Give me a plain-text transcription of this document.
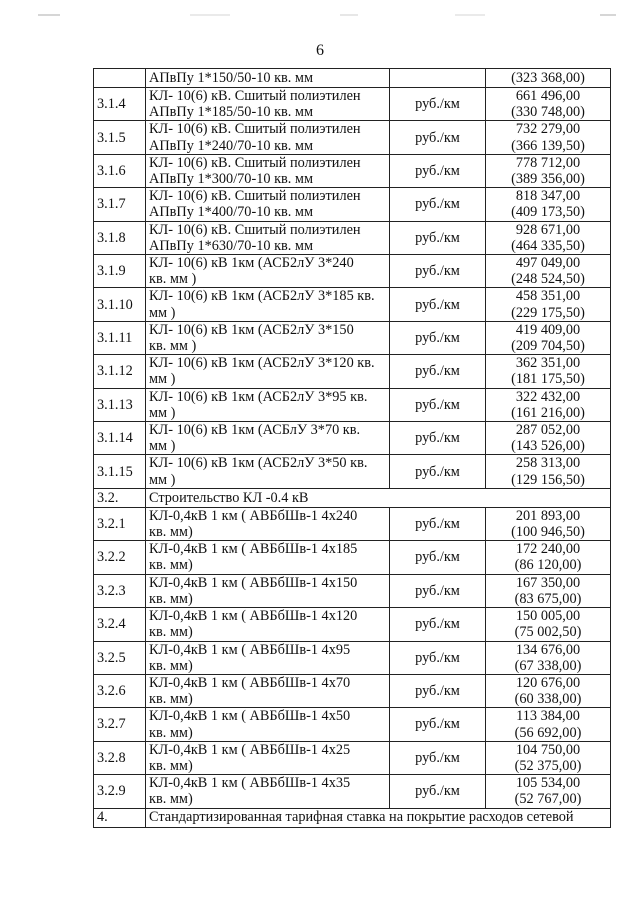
6
	АПвПу 1*150/50-10 кв. мм		(323 368,00)
3.1.4	КЛ- 10(6) кВ. Сшитый полиэтилен
АПвПу 1*185/50-10 кв. мм	руб./км	661 496,00
(330 748,00)

3.1.5	КЛ- 10(6) кВ. Сшитый полиэтилен
АПвПу 1*240/70-10 кв. мм	руб./км	732 279,00
(366 139,50)

3.1.6	КЛ- 10(6) кВ. Сшитый полиэтилен
АПвПу 1*300/70-10 кв. мм	руб./км	778 712,00
(389 356,00)

3.1.7	КЛ- 10(6) кВ. Сшитый полиэтилен
АПвПу 1*400/70-10 кв. мм	руб./км	818 347,00
(409 173,50)

3.1.8	КЛ- 10(6) кВ. Сшитый полиэтилен
АПвПу 1*630/70-10 кв. мм	руб./км	928 671,00
(464 335,50)

3.1.9	КЛ- 10(6) кВ 1км (АСБ2лУ 3*240
кв. мм )	руб./км	497 049,00
(248 524,50)

3.1.10	КЛ- 10(6) кВ 1км (АСБ2лУ 3*185 кв.
мм )	руб./км	458 351,00
(229 175,50)

3.1.11	КЛ- 10(6) кВ 1км (АСБ2лУ 3*150
кв. мм )	руб./км	419 409,00
(209 704,50)

3.1.12	КЛ- 10(6) кВ 1км (АСБ2лУ 3*120 кв.
мм )	руб./км	362 351,00
(181 175,50)

3.1.13	КЛ- 10(6) кВ 1км (АСБ2лУ 3*95 кв.
мм )	руб./км	322 432,00
(161 216,00)

3.1.14	КЛ- 10(6) кВ 1км (АСБлУ 3*70 кв.
мм )	руб./км	287 052,00
(143 526,00)

3.1.15	КЛ- 10(6) кВ 1км (АСБ2лУ 3*50 кв.
мм )	руб./км	258 313,00
(129 156,50)

3.2.	Строительство КЛ -0.4 кВ		
3.2.1	КЛ-0,4кВ 1 км ( АВБбШв-1 4х240
кв. мм)	руб./км	201 893,00
(100 946,50)

3.2.2	КЛ-0,4кВ 1 км ( АВБбШв-1 4х185
кв. мм)	руб./км	172 240,00
(86 120,00)

3.2.3	КЛ-0,4кВ 1 км ( АВБбШв-1 4х150
кв. мм)	руб./км	167 350,00
(83 675,00)

3.2.4	КЛ-0,4кВ 1 км ( АВБбШв-1 4х120
кв. мм)	руб./км	150 005,00
(75 002,50)

3.2.5	КЛ-0,4кВ 1 км ( АВБбШв-1 4х95
кв. мм)	руб./км	134 676,00
(67 338,00)

3.2.6	КЛ-0,4кВ 1 км ( АВБбШв-1 4х70
кв. мм)	руб./км	120 676,00
(60 338,00)

3.2.7	КЛ-0,4кВ 1 км ( АВБбШв-1 4х50
кв. мм)	руб./км	113 384,00
(56 692,00)

3.2.8	КЛ-0,4кВ 1 км ( АВБбШв-1 4х25
кв. мм)	руб./км	104 750,00
(52 375,00)

3.2.9	КЛ-0,4кВ 1 км ( АВБбШв-1 4х35
кв. мм)	руб./км	105 534,00
(52 767,00)

4.	Стандартизированная тарифная ставка на покрытие расходов сетевой		
